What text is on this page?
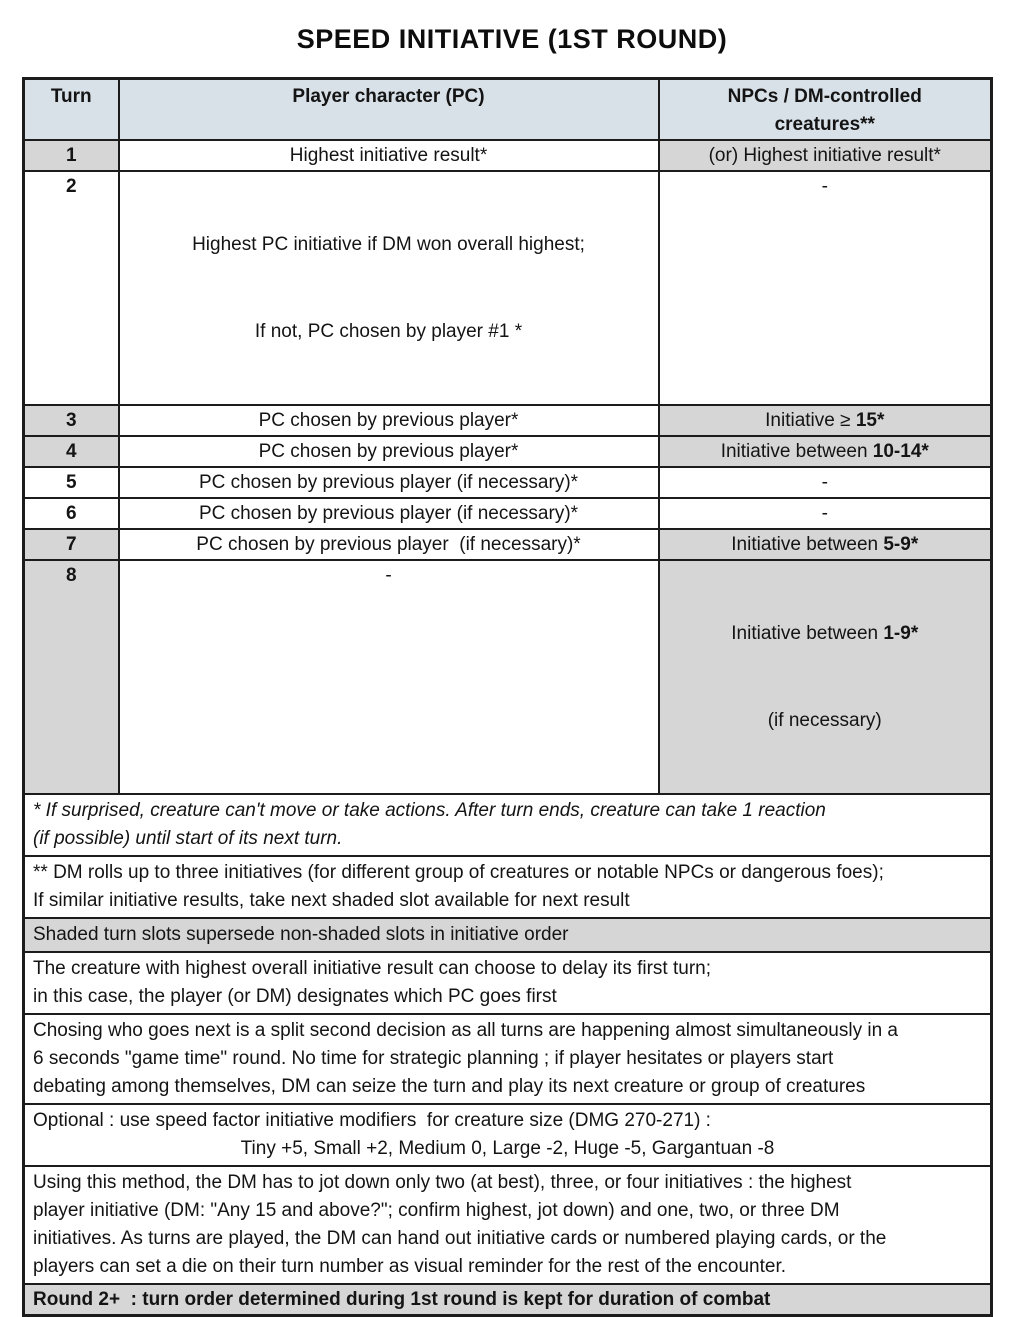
SPEED INITIATIVE (1ST ROUND)
Turn	Player character (PC)	NPCs / DM-controlled
creatures**

1	Highest initiative result*	(or) Highest initiative result*
2	Highest PC initiative if DM won overall highest;

If not, PC chosen by player #1 *	-
3	PC chosen by previous player*	Initiative ≥ 15*
4	PC chosen by previous player*	Initiative between 10-14*
5	PC chosen by previous player (if necessary)*	-
6	PC chosen by previous player (if necessary)*	-
7	PC chosen by previous player  (if necessary)*	Initiative between 5-9*
8	-	Initiative between 1-9*

(if necessary)

* If surprised, creature can't move or take actions. After turn ends, creature can take 1 reaction
(if possible) until start of its next turn.		

** DM rolls up to three initiatives (for different group of creatures or notable NPCs or dangerous foes);
If similar initiative results, take next shaded slot available for next result		

Shaded turn slots supersede non-shaded slots in initiative order		

The creature with highest overall initiative result can choose to delay its first turn;
in this case, the player (or DM) designates which PC goes first		

Chosing who goes next is a split second decision as all turns are happening almost simultaneously in a
6 seconds "game time" round. No time for strategic planning ; if player hesitates or players start
debating among themselves, DM can seize the turn and play its next creature or group of creatures		

Optional : use speed factor initiative modifiers  for creature size (DMG 270-271) :
Tiny +5, Small +2, Medium 0, Large -2, Huge -5, Gargantuan -8		

Using this method, the DM has to jot down only two (at best), three, or four initiatives : the highest
player initiative (DM: "Any 15 and above?"; confirm highest, jot down) and one, two, or three DM
initiatives. As turns are played, the DM can hand out initiative cards or numbered playing cards, or the
players can set a die on their turn number as visual reminder for the rest of the encounter.		

Round 2+  : turn order determined during 1st round is kept for duration of combat		
